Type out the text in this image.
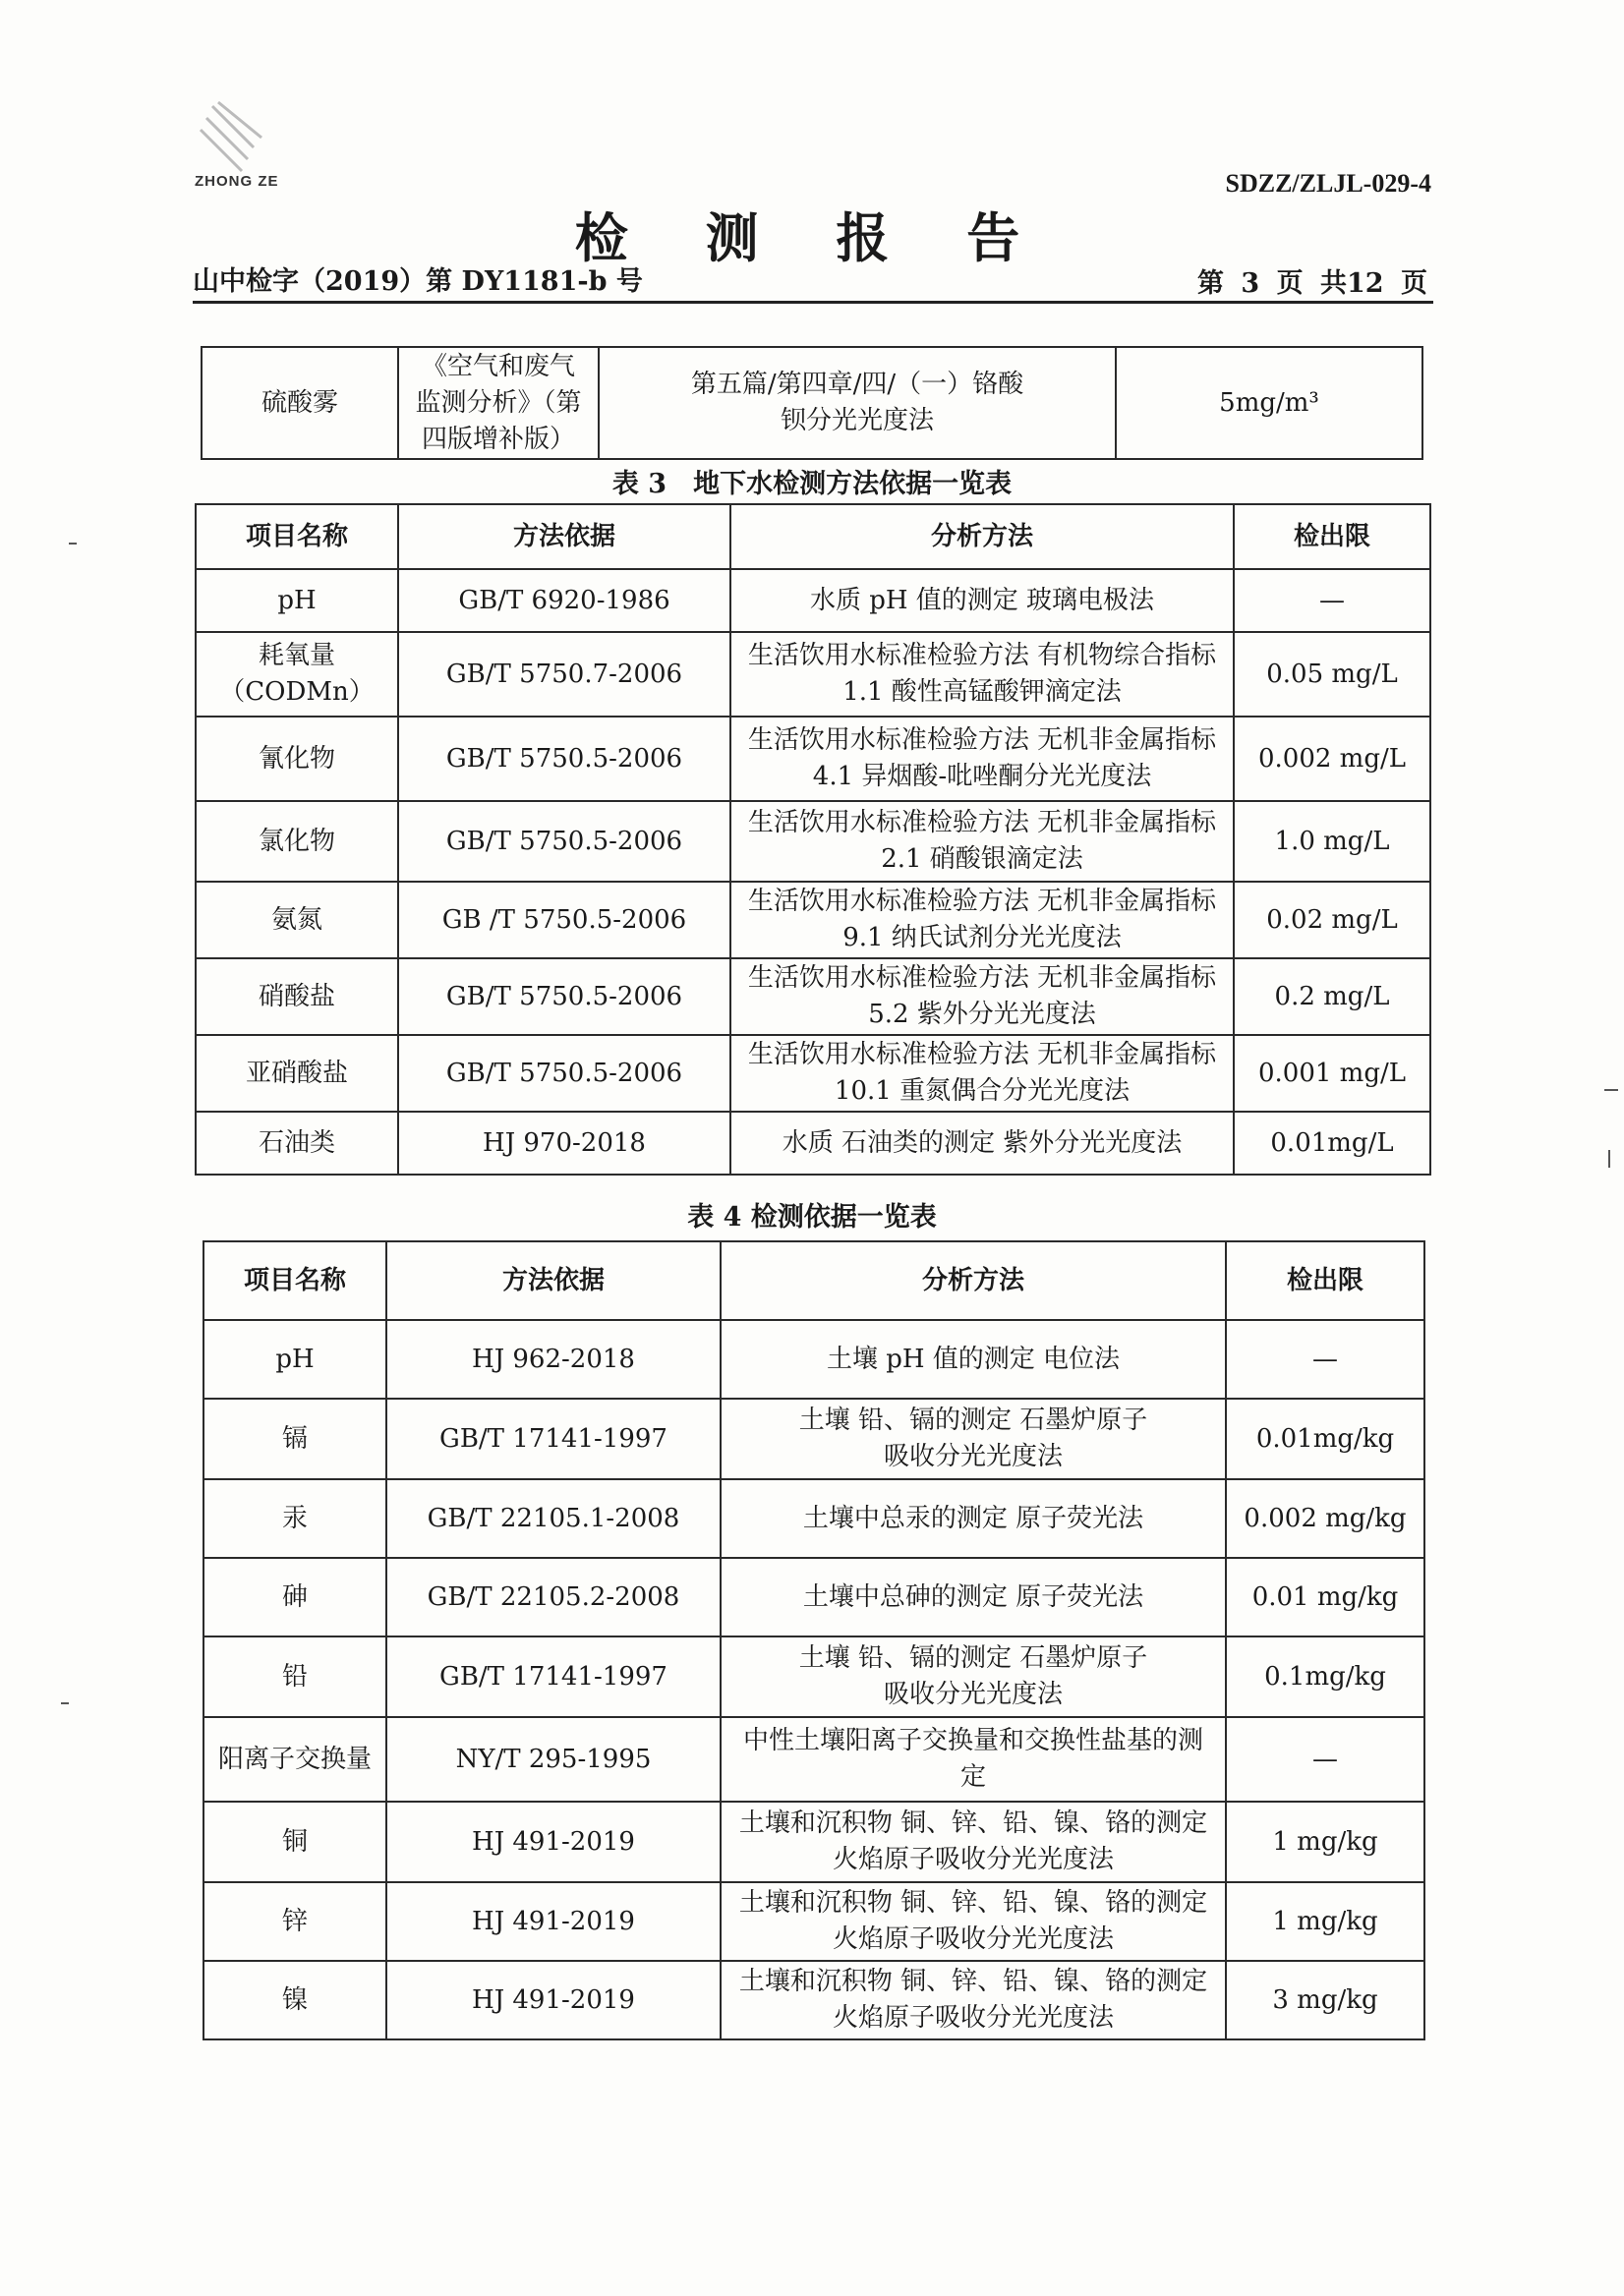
ZHONG ZE	SDZZ/ZLJL-029-4
检 测 报 告
山中检字（2019）第 DY1181-b 号	第 3 页 共12 页
硫酸雾	《空气和废气监测分析》（第四版增补版）	第五篇/第四章/四/（一）铬酸钡分光光度法	5mg/m³
表 3　地下水检测方法依据一览表
项目名称	方法依据	分析方法	检出限
pH	GB/T 6920-1986	水质 pH 值的测定 玻璃电极法	—
耗氧量（CODMn）	GB/T 5750.7-2006	生活饮用水标准检验方法 有机物综合指标1.1 酸性高锰酸钾滴定法	0.05 mg/L
氰化物	GB/T 5750.5-2006	生活饮用水标准检验方法 无机非金属指标 4.1 异烟酸-吡唑酮分光光度法	0.002 mg/L
氯化物	GB/T 5750.5-2006	生活饮用水标准检验方法 无机非金属指标 2.1 硝酸银滴定法	1.0 mg/L
氨氮	GB /T 5750.5-2006	生活饮用水标准检验方法 无机非金属指标 9.1 纳氏试剂分光光度法	0.02 mg/L
硝酸盐	GB/T 5750.5-2006	生活饮用水标准检验方法 无机非金属指标 5.2 紫外分光光度法	0.2 mg/L
亚硝酸盐	GB/T 5750.5-2006	生活饮用水标准检验方法 无机非金属指标 10.1 重氮偶合分光光度法	0.001 mg/L
石油类	HJ 970-2018	水质 石油类的测定 紫外分光光度法	0.01mg/L
表 4 检测依据一览表
项目名称	方法依据	分析方法	检出限
pH	HJ 962-2018	土壤 pH 值的测定 电位法	—
镉	GB/T 17141-1997	土壤 铅、镉的测定 石墨炉原子吸收分光光度法	0.01mg/kg
汞	GB/T 22105.1-2008	土壤中总汞的测定 原子荧光法	0.002 mg/kg
砷	GB/T 22105.2-2008	土壤中总砷的测定 原子荧光法	0.01 mg/kg
铅	GB/T 17141-1997	土壤 铅、镉的测定 石墨炉原子吸收分光光度法	0.1mg/kg
阳离子交换量	NY/T 295-1995	中性土壤阳离子交换量和交换性盐基的测定	—
铜	HJ 491-2019	土壤和沉积物 铜、锌、铅、镍、铬的测定 火焰原子吸收分光光度法	1 mg/kg
锌	HJ 491-2019	土壤和沉积物 铜、锌、铅、镍、铬的测定 火焰原子吸收分光光度法	1 mg/kg
镍	HJ 491-2019	土壤和沉积物 铜、锌、铅、镍、铬的测定 火焰原子吸收分光光度法	3 mg/kg
